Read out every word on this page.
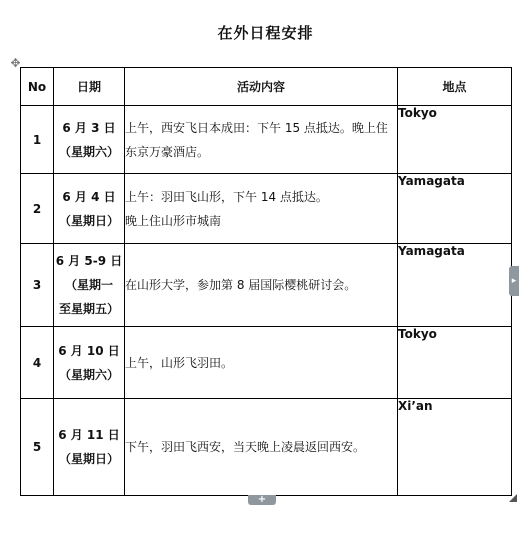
在外日程安排
✥
No	日期	活动内容	地点
1	6 月 3 日
（星期六）	上午，西安飞日本成田：下午 15 点抵达。晚上住东京万豪酒店。	Tokyo
2	6 月 4 日
（星期日）	上午：羽田飞山形，下午 14 点抵达。
晚上住山形市城南	Yamagata
3	6 月 5-9 日
（星期一
至星期五）	在山形大学，参加第 8 届国际樱桃研讨会。	Yamagata
4	6 月 10 日
（星期六）	上午，山形飞羽田。	Tokyo
5	6 月 11 日
（星期日）	下午，羽田飞西安，当天晚上凌晨返回西安。	Xi’an
▸
+
